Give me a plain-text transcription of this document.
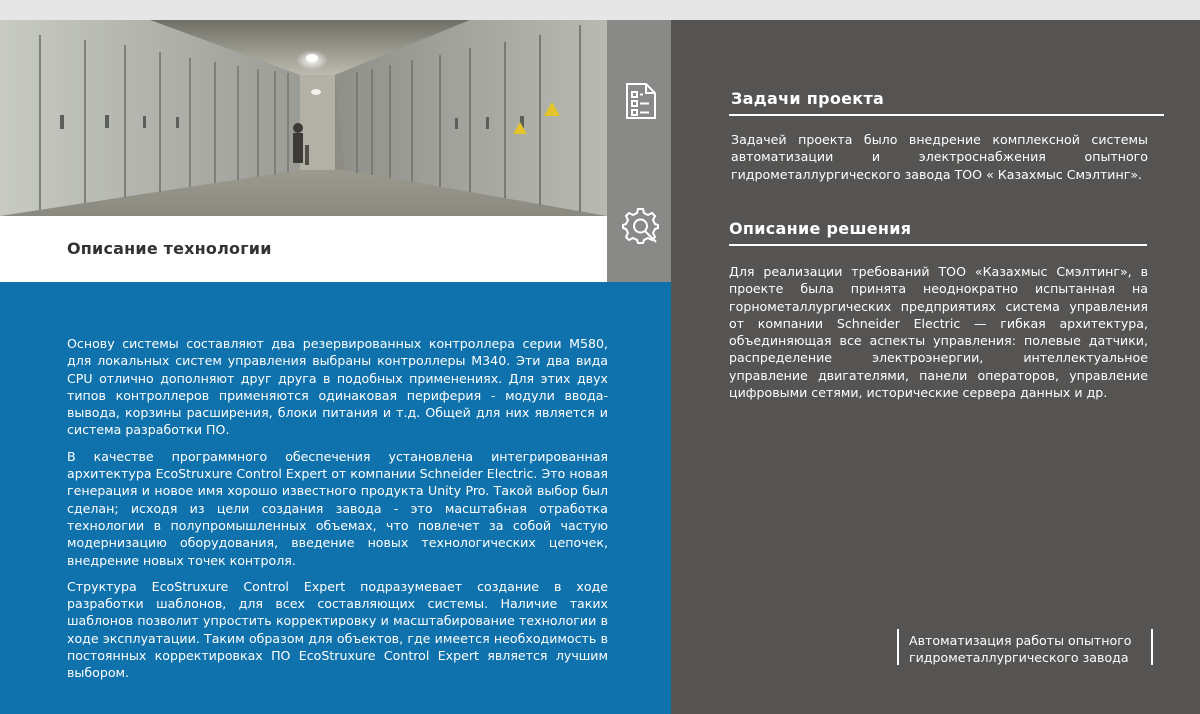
Описание технологии

Основу системы составляют два резервированных контроллера серии М580, для локальных систем управления выбраны контроллеры М340. Эти два вида CPU отлично дополняют друг друга в подобных применениях. Для этих двух типов контроллеров применяются одинаковая периферия - модули ввода-вывода, корзины расширения, блоки питания и т.д. Общей для них является и система разработки ПО.

В качестве программного обеспечения установлена интегрированная архитектура EcoStruxure Control Expert от компании Schneider Electric. Это новая генерация и новое имя хорошо известного продукта Unity Pro. Такой выбор был сделан; исходя из цели создания завода - это масштабная отработка технологии в полупромышленных объемах, что повлечет за собой частую модернизацию оборудования, введение новых технологических цепочек, внедрение новых точек контроля.

Структура EcoStruxure Control Expert подразумевает создание в ходе разработки шаблонов, для всех составляющих системы. Наличие таких шаблонов позволит упростить корректировку и масштабирование технологии в ходе эксплуатации. Таким образом для объектов, где имеется необходимость в постоянных корректировках ПО EcoStruxure Control Expert является лучшим выбором.

Задачи проекта
Задачей проекта было внедрение комплексной системы автоматизации и электроснабжения опытного гидрометаллургического завода ТОО « Казахмыс Смэлтинг».
Описание решения
Для реализации требований ТОО «Казахмыс Смэлтинг», в проекте была принята неоднократно испытанная на горнометаллургических предприятиях система управления от компании Schneider Electric — гибкая архитектура, объединяющая все аспекты управления: полевые датчики, распределение электроэнергии, интеллектуальное управление двигателями, панели операторов, управление цифровыми сетями, исторические сервера данных и др.
Автоматизация работы опытного гидрометаллургического завода
